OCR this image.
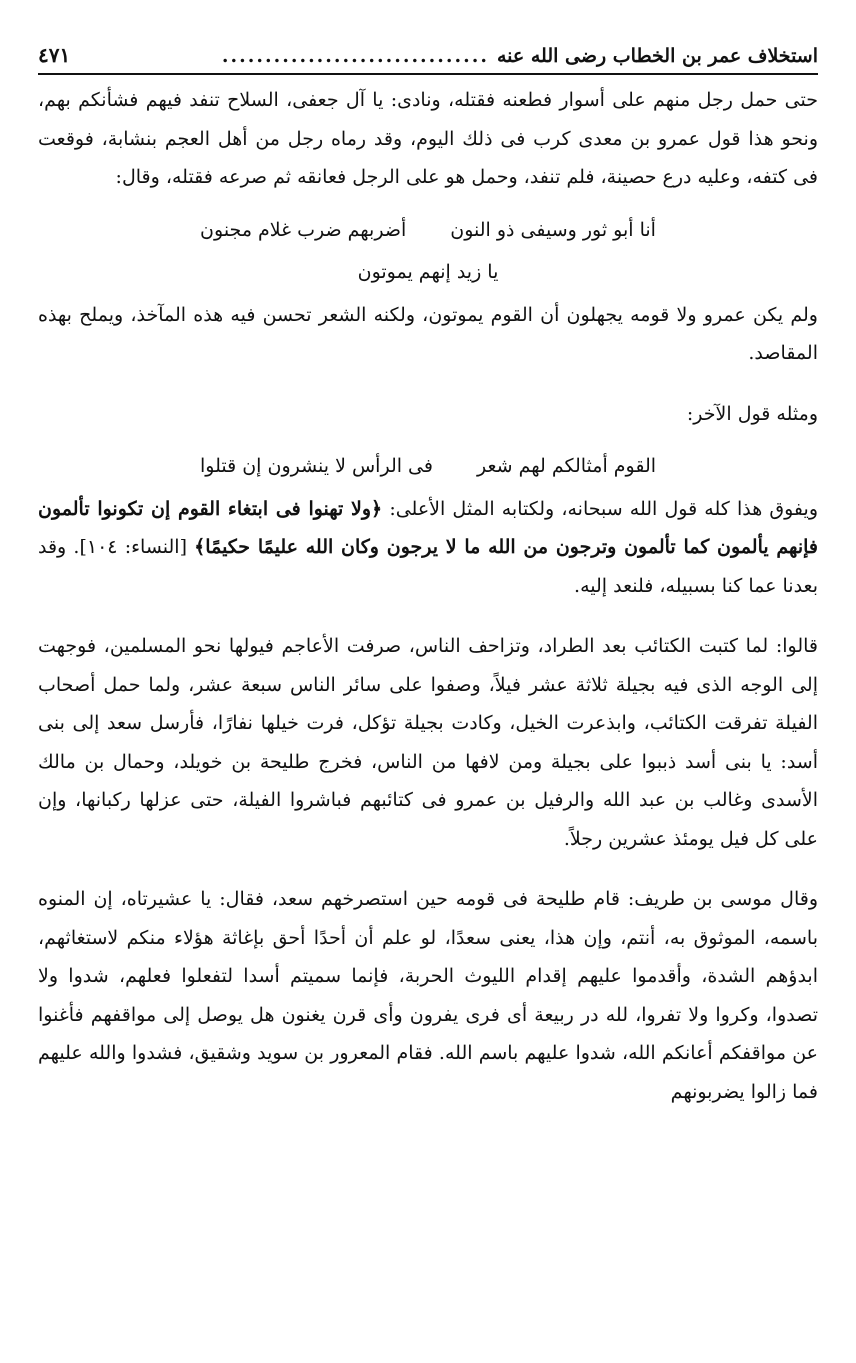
استخلاف عمر بن الخطاب رضى الله عنه
...............................
٤٧١

حتى حمل رجل منهم على أسوار فطعنه فقتله، ونادى: يا آل جعفى، السلاح تنفد فيهم فشأنكم بهم، ونحو هذا قول عمرو بن معدى كرب فى ذلك اليوم، وقد رماه رجل من أهل العجم بنشابة، فوقعت فى كتفه، وعليه درع حصينة، فلم تنفد، وحمل هو على الرجل فعانقه ثم صرعه فقتله، وقال:

أنا أبو ثور وسيفى ذو النون
أضربهم ضرب غلام مجنون
يا زيد إنهم يموتون

ولم يكن عمرو ولا قومه يجهلون أن القوم يموتون، ولكنه الشعر تحسن فيه هذه المآخذ، ويملح بهذه المقاصد.

ومثله قول الآخر:

القوم أمثالكم لهم شعر
فى الرأس لا ينشرون إن قتلوا

ويفوق هذا كله قول الله سبحانه، ولكتابه المثل الأعلى: ﴿ولا تهنوا فى ابتغاء القوم إن تكونوا تألمون فإنهم يألمون كما تألمون وترجون من الله ما لا يرجون وكان الله عليمًا حكيمًا﴾ [النساء: ١٠٤]. وقد بعدنا عما كنا بسبيله، فلنعد إليه.

قالوا: لما كتبت الكتائب بعد الطراد، وتزاحف الناس، صرفت الأعاجم فيولها نحو المسلمين، فوجهت إلى الوجه الذى فيه بجيلة ثلاثة عشر فيلاً، وصفوا على سائر الناس سبعة عشر، ولما حمل أصحاب الفيلة تفرقت الكتائب، وابذعرت الخيل، وكادت بجيلة تؤكل، فرت خيلها نفارًا، فأرسل سعد إلى بنى أسد: يا بنى أسد ذببوا على بجيلة ومن لافها من الناس، فخرج طليحة بن خويلد، وحمال بن مالك الأسدى وغالب بن عبد الله والرفيل بن عمرو فى كتائبهم فباشروا الفيلة، حتى عزلها ركبانها، وإن على كل فيل يومئذ عشرين رجلاً.

وقال موسى بن طريف: قام طليحة فى قومه حين استصرخهم سعد، فقال: يا عشيرتاه، إن المنوه باسمه، الموثوق به، أنتم، وإن هذا، يعنى سعدًا، لو علم أن أحدًا أحق بإغاثة هؤلاء منكم لاستغاثهم، ابدؤهم الشدة، وأقدموا عليهم إقدام الليوث الحربة، فإنما سميتم أسدا لتفعلوا فعلهم، شدوا ولا تصدوا، وكروا ولا تفروا، لله در ربيعة أى فرى يفرون وأى قرن يغنون هل يوصل إلى مواقفهم فأغنوا عن مواقفكم أعانكم الله، شدوا عليهم باسم الله. فقام المعرور بن سويد وشقيق، فشدوا والله عليهم فما زالوا يضربونهم
